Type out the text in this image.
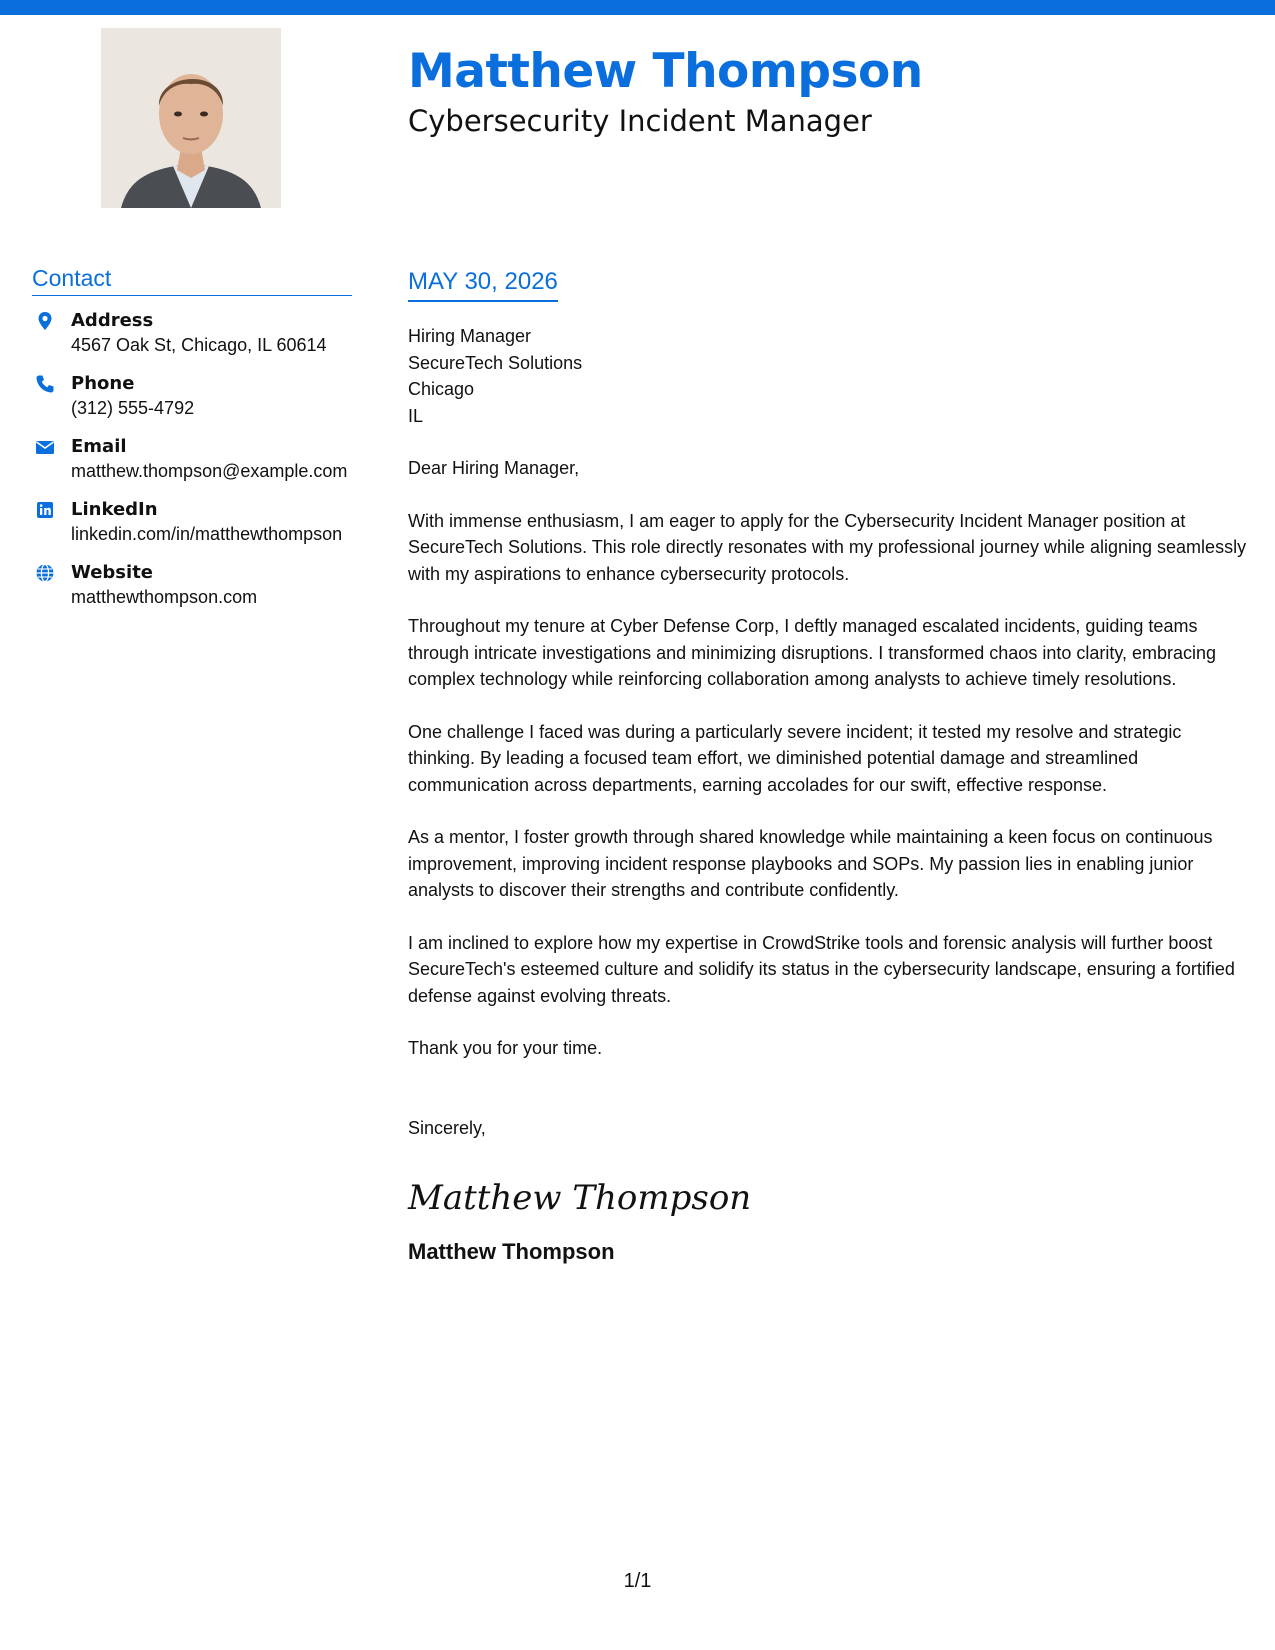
Matthew Thompson
Cybersecurity Incident Manager
Contact
Address
4567 Oak St, Chicago, IL 60614
Phone
(312) 555-4792
Email
matthew.thompson@example.com
LinkedIn
linkedin.com/in/matthewthompson
Website
matthewthompson.com
MAY 30, 2026
Hiring Manager
SecureTech Solutions
Chicago
IL
Dear Hiring Manager,

With immense enthusiasm, I am eager to apply for the Cybersecurity Incident Manager position at SecureTech Solutions. This role directly resonates with my professional journey while aligning seamlessly with my aspirations to enhance cybersecurity protocols.

Throughout my tenure at Cyber Defense Corp, I deftly managed escalated incidents, guiding teams through intricate investigations and minimizing disruptions. I transformed chaos into clarity, embracing complex technology while reinforcing collaboration among analysts to achieve timely resolutions.

One challenge I faced was during a particularly severe incident; it tested my resolve and strategic thinking. By leading a focused team effort, we diminished potential damage and streamlined communication across departments, earning accolades for our swift, effective response.

As a mentor, I foster growth through shared knowledge while maintaining a keen focus on continuous improvement, improving incident response playbooks and SOPs. My passion lies in enabling junior analysts to discover their strengths and contribute confidently.

I am inclined to explore how my expertise in CrowdStrike tools and forensic analysis will further boost SecureTech's esteemed culture and solidify its status in the cybersecurity landscape, ensuring a fortified defense against evolving threats.

Thank you for your time.

Sincerely,
Matthew Thompson
Matthew Thompson
1/1
